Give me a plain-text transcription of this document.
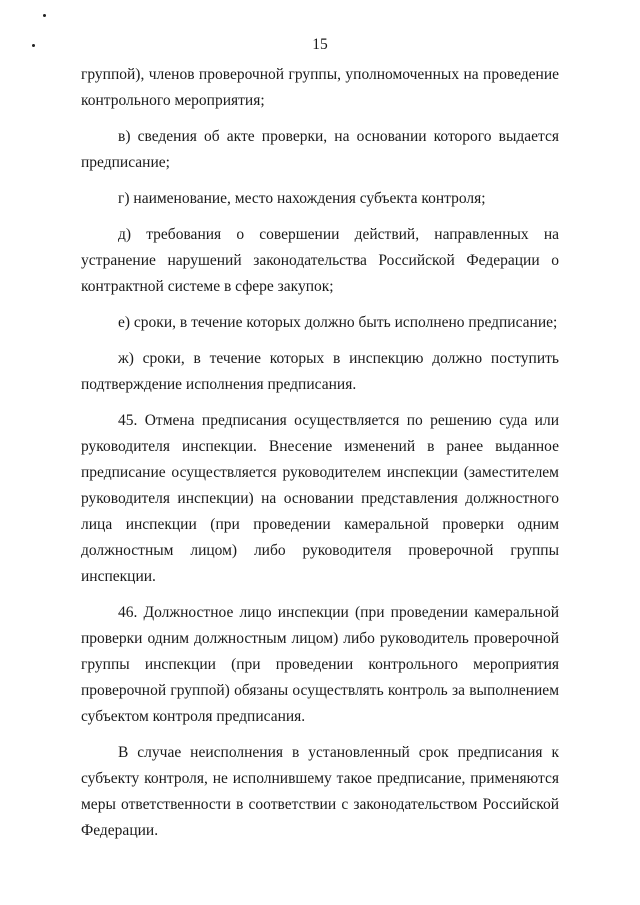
15

группой), членов проверочной группы, уполномоченных на проведение контрольного мероприятия;

в) сведения об акте проверки, на основании которого выдается предписание;

г) наименование, место нахождения субъекта контроля;

д) требования о совершении действий, направленных на устранение нарушений законодательства Российской Федерации о контрактной системе в сфере закупок;

е) сроки, в течение которых должно быть исполнено предписание;

ж) сроки, в течение которых в инспекцию должно поступить подтверждение исполнения предписания.

45. Отмена предписания осуществляется по решению суда или руководителя инспекции. Внесение изменений в ранее выданное предписание осуществляется руководителем инспекции (заместителем руководителя инспекции) на основании представления должностного лица инспекции (при проведении камеральной проверки одним должностным лицом) либо руководителя проверочной группы инспекции.

46. Должностное лицо инспекции (при проведении камеральной проверки одним должностным лицом) либо руководитель проверочной группы инспекции (при проведении контрольного мероприятия проверочной группой) обязаны осуществлять контроль за выполнением субъектом контроля предписания.

В случае неисполнения в установленный срок предписания к субъекту контроля, не исполнившему такое предписание, применяются меры ответственности в соответствии с законодательством Российской Федерации.
